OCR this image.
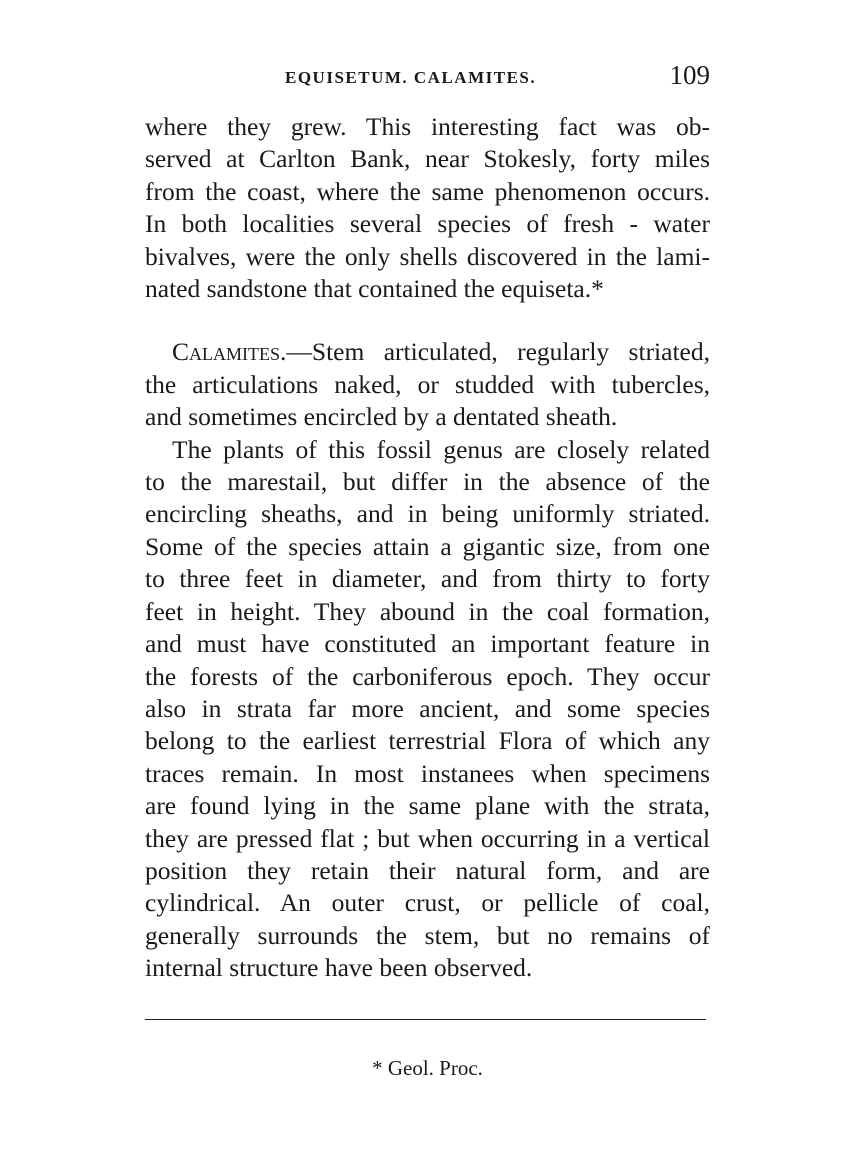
EQUISETUM. CALAMITES.	109

where they grew. This interesting fact was ob-
served at Carlton Bank, near Stokesly, forty miles
from the coast, where the same phenomenon occurs.
In both localities several species of fresh - water
bivalves, were the only shells discovered in the lami-
nated sandstone that contained the equiseta.*

Calamites.—Stem articulated, regularly striated,
the articulations naked, or studded with tubercles,
and sometimes encircled by a dentated sheath.

The plants of this fossil genus are closely related
to the marestail, but differ in the absence of the
encircling sheaths, and in being uniformly striated.
Some of the species attain a gigantic size, from one
to three feet in diameter, and from thirty to forty
feet in height. They abound in the coal formation,
and must have constituted an important feature in
the forests of the carboniferous epoch. They occur
also in strata far more ancient, and some species
belong to the earliest terrestrial Flora of which any
traces remain. In most instanees when specimens
are found lying in the same plane with the strata,
they are pressed flat ; but when occurring in a vertical
position they retain their natural form, and are
cylindrical. An outer crust, or pellicle of coal,
generally surrounds the stem, but no remains of
internal structure have been observed.

* Geol. Proc.
